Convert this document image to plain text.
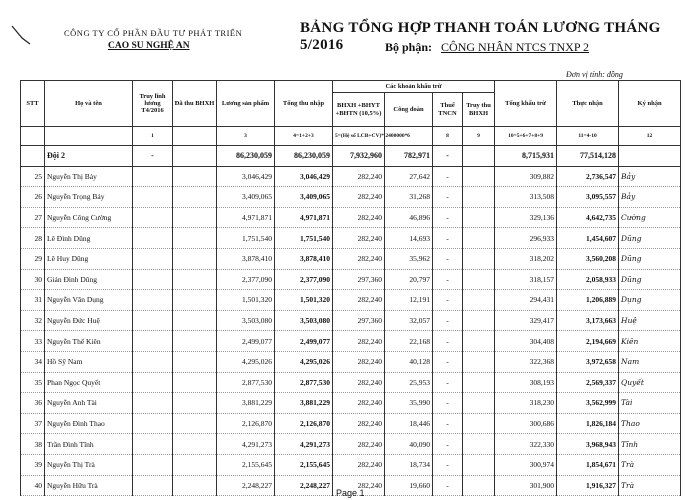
CÔNG TY CỔ PHẦN ĐẦU TƯ PHÁT TRIỂN
CAO SU NGHỆ AN
BẢNG TỔNG HỢP THANH TOÁN LƯƠNG THÁNG 5/2016	Bộ phận: CÔNG NHÂN NTCS TNXP 2
Đơn vị tính: đồng
STT	Họ và tên	Truy lĩnh lương T4/2016	Đã thu BHXH	Lương sản phẩm	Tổng thu nhập	Các khoản khấu trừ				Tổng khấu trừ	Thực nhận	Ký nhận
						BHXH +BHYT +BHTN (10,5%)	Công đoàn	Thuế TNCN	Truy thu BHXH			
		1		3	4=1+2+3	5=(Hệ số LCB+CV)* 2400000*	6	8	9	10=5+6+7+8+9	11=4-10	12
	Đội 2	-		86,230,059	86,230,059	7,932,960	782,971	-		8,715,931	77,514,128	
25	Nguyễn Thị Bảy			3,046,429	3,046,429	282,240	27,642	-		309,882	2,736,547	Bảy
26	Nguyễn Trọng Bảy			3,409,065	3,409,065	282,240	31,268	-		313,508	3,095,557	Bảy
27	Nguyễn Công Cường			4,971,871	4,971,871	282,240	46,896	-		329,136	4,642,735	Cường
28	Lê Đình Dũng			1,751,540	1,751,540	282,240	14,693	-		296,933	1,454,607	Dũng
29	Lê Huy Dũng			3,878,410	3,878,410	282,240	35,962	-		318,202	3,560,208	Dũng
30	Giản Đình Dũng			2,377,090	2,377,090	297,360	20,797	-		318,157	2,058,933	Dũng
31	Nguyễn Văn Dụng			1,501,320	1,501,320	282,240	12,191	-		294,431	1,206,889	Dụng
32	Nguyễn Đức Huệ			3,503,080	3,503,080	297,360	32,057	-		329,417	3,173,663	Huệ
33	Nguyễn Thế Kiên			2,499,077	2,499,077	282,240	22,168	-		304,408	2,194,669	Kiên
34	Hồ Sỹ Nam			4,295,026	4,295,026	282,240	40,128	-		322,368	3,972,658	Nam
35	Phan Ngọc Quyết			2,877,530	2,877,530	282,240	25,953	-		308,193	2,569,337	Quyết
36	Nguyễn Anh Tài			3,881,229	3,881,229	282,240	35,990	-		318,230	3,562,999	Tài
37	Nguyễn Đình Thao			2,126,870	2,126,870	282,240	18,446	-		300,686	1,826,184	Thao
38	Trần Đình Tĩnh			4,291,273	4,291,273	282,240	40,090	-		322,330	3,968,943	Tĩnh
39	Nguyễn Thị Trà			2,155,645	2,155,645	282,240	18,734	-		300,974	1,854,671	Trà
40	Nguyễn Hữu Trà			2,248,227	2,248,227	282,240	19,660	-		301,900	1,916,327	Trà
Page 1
